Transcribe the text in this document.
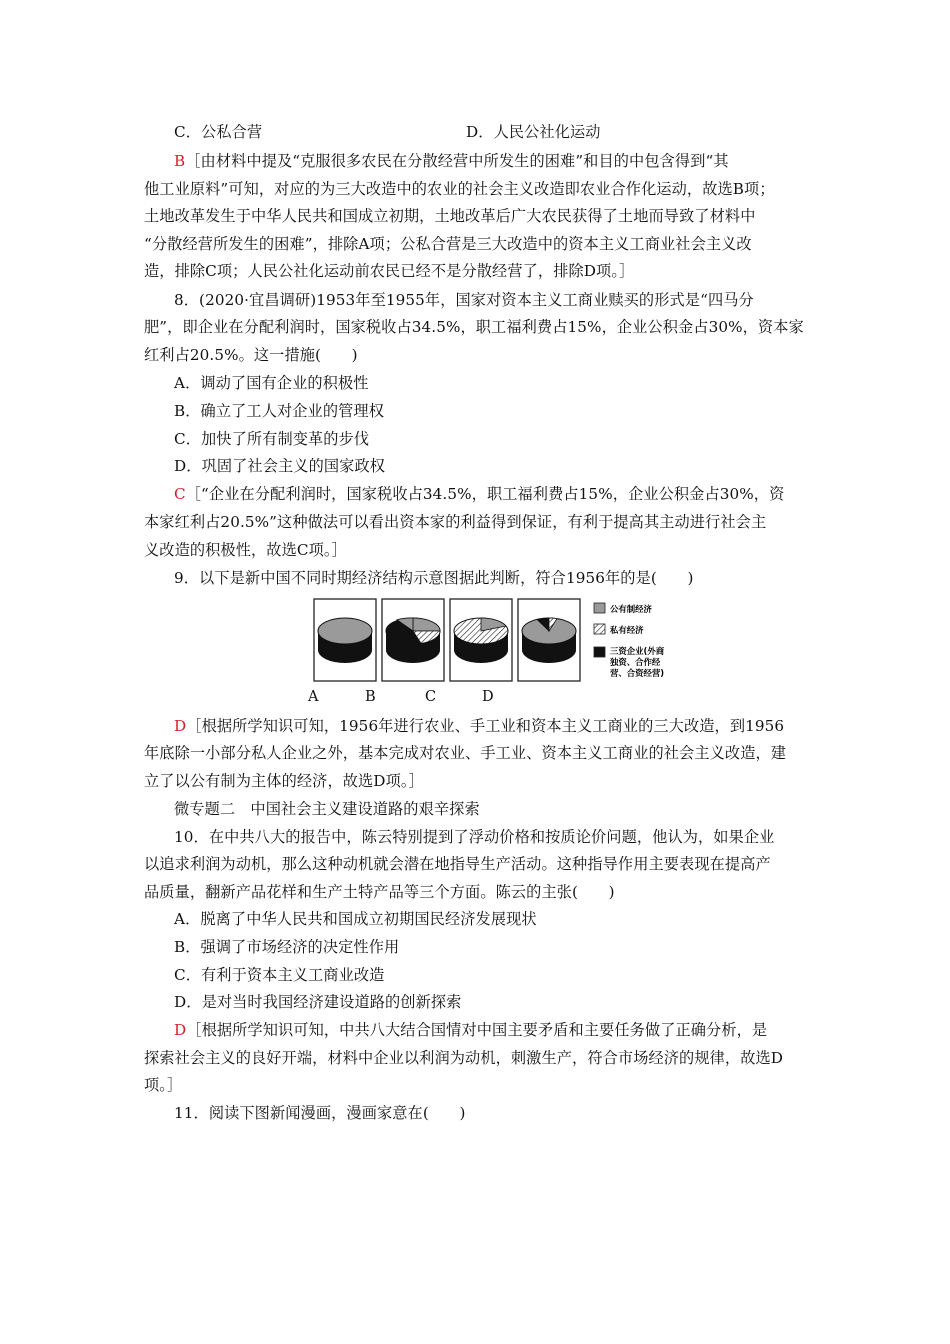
C．公私合营	D．人民公社化运动
B［由材料中提及“克服很多农民在分散经营中所发生的困难”和目的中包含得到“其
他工业原料”可知，对应的为三大改造中的农业的社会主义改造即农业合作化运动，故选B项；
土地改革发生于中华人民共和国成立初期，土地改革后广大农民获得了土地而导致了材料中
“分散经营所发生的困难”，排除A项；公私合营是三大改造中的资本主义工商业社会主义改
造，排除C项；人民公社化运动前农民已经不是分散经营了，排除D项。］
8．(2020·宜昌调研)1953年至1955年，国家对资本主义工商业赎买的形式是“四马分
肥”，即企业在分配利润时，国家税收占34.5%，职工福利费占15%，企业公积金占30%，资本家
红利占20.5%。这一措施(　　)
A．调动了国有企业的积极性
B．确立了工人对企业的管理权
C．加快了所有制变革的步伐
D．巩固了社会主义的国家政权
C［“企业在分配利润时，国家税收占34.5%，职工福利费占15%，企业公积金占30%，资
本家红利占20.5%”这种做法可以看出资本家的利益得到保证，有利于提高其主动进行社会主
义改造的积极性，故选C项。］
9．以下是新中国不同时期经济结构示意图据此判断，符合1956年的是(　　)
公有制经济
私有经济
三资企业(外商
独资、合作经
营、合资经营)
A	B	C	D
D［根据所学知识可知，1956年进行农业、手工业和资本主义工商业的三大改造，到1956
年底除一小部分私人企业之外，基本完成对农业、手工业、资本主义工商业的社会主义改造，建
立了以公有制为主体的经济，故选D项。］
微专题二　中国社会主义建设道路的艰辛探索
10．在中共八大的报告中，陈云特别提到了浮动价格和按质论价问题，他认为，如果企业
以追求利润为动机，那么这种动机就会潜在地指导生产活动。这种指导作用主要表现在提高产
品质量，翻新产品花样和生产土特产品等三个方面。陈云的主张(　　)
A．脱离了中华人民共和国成立初期国民经济发展现状
B．强调了市场经济的决定性作用
C．有利于资本主义工商业改造
D．是对当时我国经济建设道路的创新探索
D［根据所学知识可知，中共八大结合国情对中国主要矛盾和主要任务做了正确分析，是
探索社会主义的良好开端，材料中企业以利润为动机，刺激生产，符合市场经济的规律，故选D
项。］
11．阅读下图新闻漫画，漫画家意在(　　)
